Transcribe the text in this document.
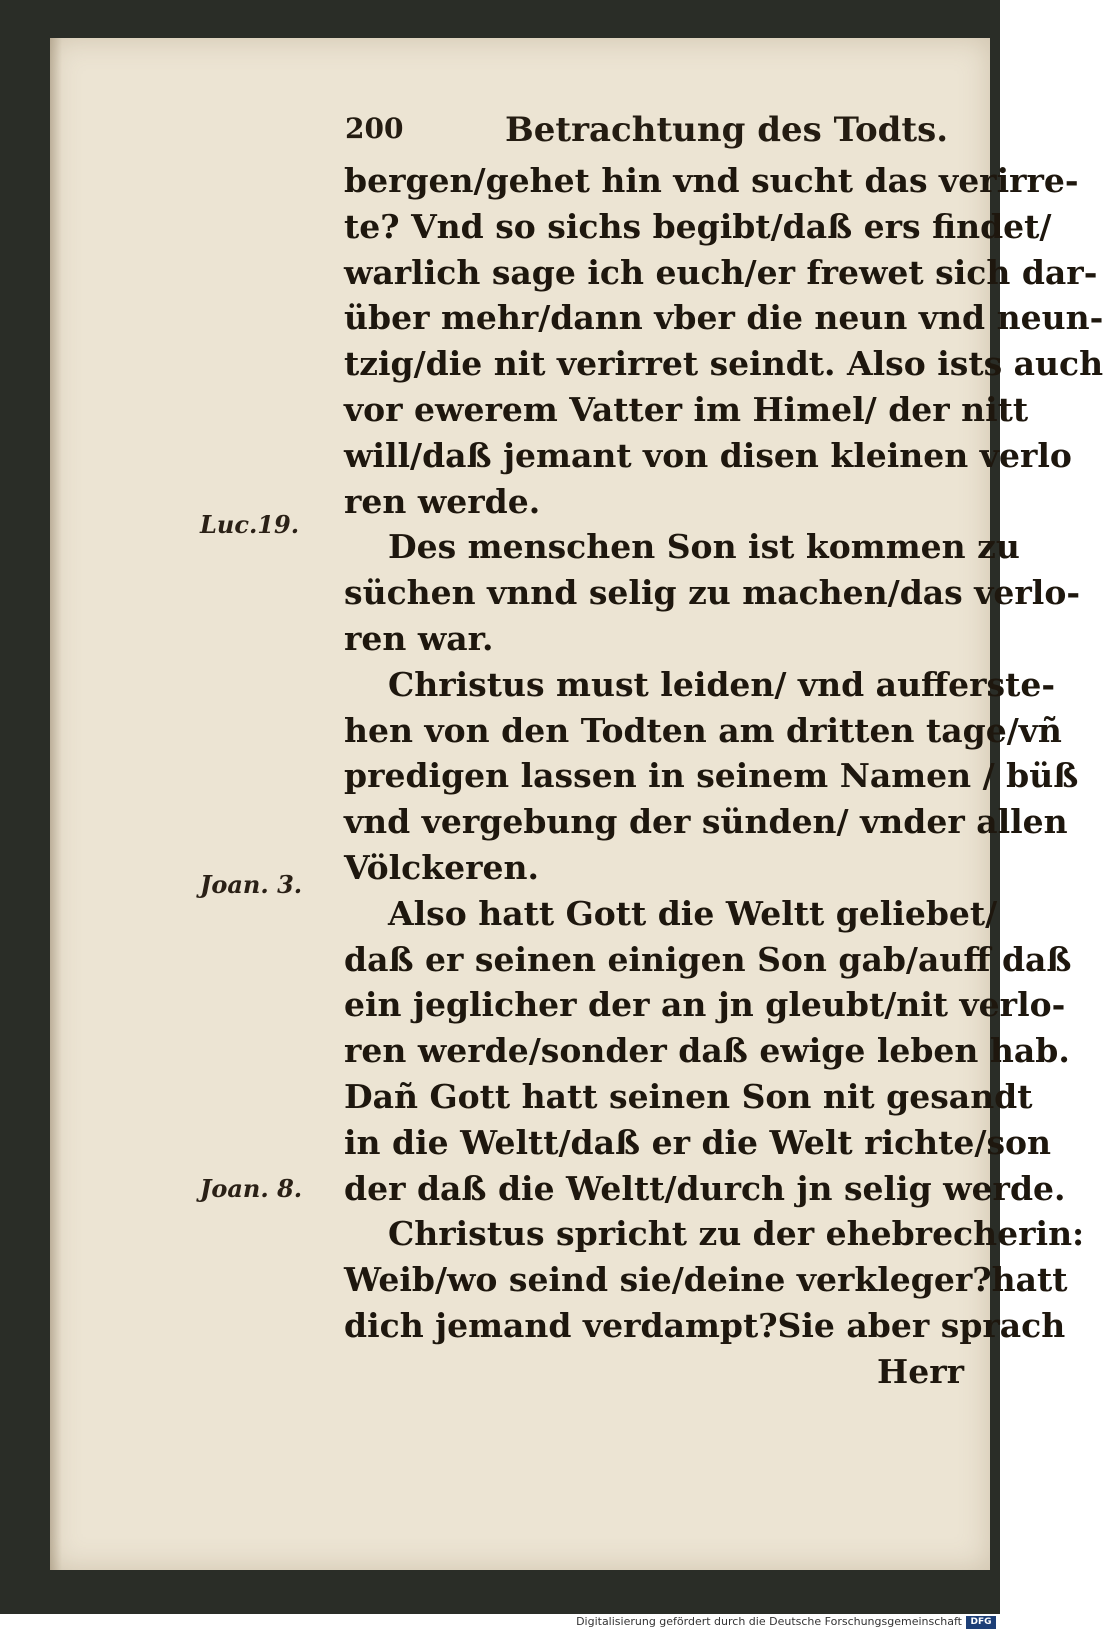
200	Betrachtung des Todts.
Luc.19.
Joan. 3.
Joan. 8.
bergen/gehet hin vnd sucht das verirre-
te? Vnd so sichs begibt/daß ers findet/
warlich sage ich euch/er frewet sich dar-
über mehr/dann vber die neun vnd neun-
tzig/die nit verirret seindt. Also ists auch
vor ewerem Vatter im Himel/ der nitt
will/daß jemant von disen kleinen verlo
ren werde.
Des menschen Son ist kommen zu
süchen vnnd selig zu machen/das verlo-
ren war.
Christus must leiden/ vnd aufferste-
hen von den Todten am dritten tage/vñ
predigen lassen in seinem Namen / büß
vnd vergebung der sünden/ vnder allen
Völckeren.
Also hatt Gott die Weltt geliebet/
daß er seinen einigen Son gab/auff daß
ein jeglicher der an jn gleubt/nit verlo-
ren werde/sonder daß ewige leben hab.
Dañ Gott hatt seinen Son nit gesandt
in die Weltt/daß er die Welt richte/son
der daß die Weltt/durch jn selig werde.
Christus spricht zu der ehebrecherin:
Weib/wo seind sie/deine verkleger?hatt
dich jemand verdampt?Sie aber sprach
Herr
Digitalisierung gefördert durch die Deutsche Forschungsgemeinschaft DFG
